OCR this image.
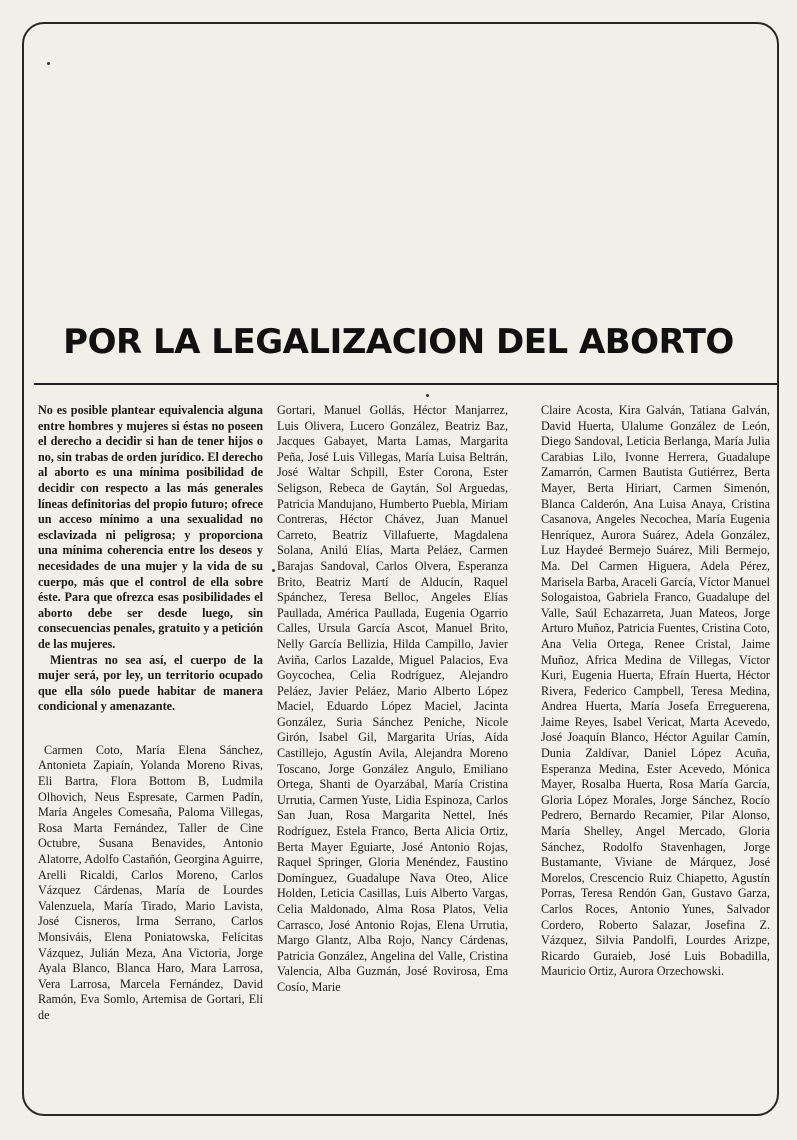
POR LA LEGALIZACION DEL ABORTO

No es posible plantear equivalencia alguna entre hombres y mujeres si éstas no poseen el derecho a decidir si han de tener hijos o no, sin trabas de orden jurídico. El derecho al aborto es una mínima posibilidad de decidir con respecto a las más generales líneas definitorias del propio futuro; ofrece un acceso mínimo a una sexualidad no esclavizada ni peligrosa; y proporciona una mínima coherencia entre los deseos y necesidades de una mujer y la vida de su cuerpo, más que el control de ella sobre éste. Para que ofrezca esas posibilidades el aborto debe ser desde luego, sin consecuencias penales, gratuito y a petición de las mujeres.

Mientras no sea así, el cuerpo de la mujer será, por ley, un territorio ocupado que ella sólo puede habitar de manera condicional y amenazante.

Carmen Coto, María Elena Sánchez, Antonieta Zapiaín, Yolanda Moreno Rivas, Eli Bartra, Flora Bottom B, Ludmila Olhovich, Neus Espresate, Carmen Padín, María Angeles Comesaña, Paloma Villegas, Rosa Marta Fernández, Taller de Cine Octubre, Susana Benavides, Antonio Alatorre, Adolfo Castañón, Georgina Aguirre, Arelli Ricaldi, Carlos Moreno, Carlos Vázquez Cárdenas, María de Lourdes Valenzuela, María Tirado, Mario Lavista, José Cisneros, Irma Serrano, Carlos Monsiváis, Elena Poniatowska, Felícitas Vázquez, Julián Meza, Ana Victoria, Jorge Ayala Blanco, Blanca Haro, Mara Larrosa, Vera Larrosa, Marcela Fernández, David Ramón, Eva Somlo, Artemisa de Gortari, Eli de

Gortari, Manuel Gollás, Héctor Manjarrez, Luis Olivera, Lucero González, Beatriz Baz, Jacques Gabayet, Marta Lamas, Margarita Peña, José Luis Villegas, María Luisa Beltrán, José Waltar Schpill, Ester Corona, Ester Seligson, Rebeca de Gaytán, Sol Arguedas, Patricia Mandujano, Humberto Puebla, Miriam Contreras, Héctor Chávez, Juan Manuel Carreto, Beatriz Villafuerte, Magdalena Solana, Anilú Elías, Marta Peláez, Carmen Barajas Sandoval, Carlos Olvera, Esperanza Brito, Beatriz Martí de Alducín, Raquel Spánchez, Teresa Belloc, Angeles Elías Paullada, América Paullada, Eugenia Ogarrio Calles, Ursula García Ascot, Manuel Brito, Nelly García Bellizia, Hilda Campillo, Javier Aviña, Carlos Lazalde, Miguel Palacios, Eva Goycochea, Celia Rodríguez, Alejandro Peláez, Javier Peláez, Mario Alberto López Maciel, Eduardo López Maciel, Jacinta González, Suria Sánchez Peniche, Nicole Girón, Isabel Gil, Margarita Urías, Aída Castillejo, Agustín Avila, Alejandra Moreno Toscano, Jorge González Angulo, Emiliano Ortega, Shanti de Oyarzábal, María Cristina Urrutia, Carmen Yuste, Lidia Espinoza, Carlos San Juan, Rosa Margarita Nettel, Inés Rodríguez, Estela Franco, Berta Alicia Ortiz, Berta Mayer Eguiarte, José Antonio Rojas, Raquel Springer, Gloria Menéndez, Faustino Domínguez, Guadalupe Nava Oteo, Alice Holden, Leticia Casillas, Luis Alberto Vargas, Celia Maldonado, Alma Rosa Platos, Velia Carrasco, José Antonio Rojas, Elena Urrutia, Margo Glantz, Alba Rojo, Nancy Cárdenas, Patricia González, Angelina del Valle, Cristina Valencia, Alba Guzmán, José Rovirosa, Ema Cosío, Marie

Claire Acosta, Kira Galván, Tatiana Galván, David Huerta, Ulalume González de León, Diego Sandoval, Leticia Berlanga, María Julia Carabias Lilo, Ivonne Herrera, Guadalupe Zamarrón, Carmen Bautista Gutiérrez, Berta Mayer, Berta Hiriart, Carmen Simenón, Blanca Calderón, Ana Luisa Anaya, Cristina Casanova, Angeles Necochea, María Eugenia Henríquez, Aurora Suárez, Adela González, Luz Haydeé Bermejo Suárez, Mili Bermejo, Ma. Del Carmen Higuera, Adela Pérez, Marisela Barba, Araceli García, Víctor Manuel Sologaistoa, Gabriela Franco, Guadalupe del Valle, Saúl Echazarreta, Juan Mateos, Jorge Arturo Muñoz, Patricia Fuentes, Cristina Coto, Ana Velia Ortega, Renee Cristal, Jaime Muñoz, Africa Medina de Villegas, Víctor Kuri, Eugenia Huerta, Efraín Huerta, Héctor Rivera, Federico Campbell, Teresa Medina, Andrea Huerta, María Josefa Erreguerena, Jaime Reyes, Isabel Vericat, Marta Acevedo, José Joaquín Blanco, Héctor Aguilar Camín, Dunia Zaldívar, Daniel López Acuña, Esperanza Medina, Ester Acevedo, Mónica Mayer, Rosalba Huerta, Rosa María García, Gloria López Morales, Jorge Sánchez, Rocío Pedrero, Bernardo Recamier, Pilar Alonso, María Shelley, Angel Mercado, Gloria Sánchez, Rodolfo Stavenhagen, Jorge Bustamante, Viviane de Márquez, José Morelos, Crescencio Ruiz Chiapetto, Agustín Porras, Teresa Rendón Gan, Gustavo Garza, Carlos Roces, Antonio Yunes, Salvador Cordero, Roberto Salazar, Josefina Z. Vázquez, Silvia Pandolfi, Lourdes Arizpe, Ricardo Guraieb, José Luis Bobadilla, Mauricio Ortiz, Aurora Orzechowski.
